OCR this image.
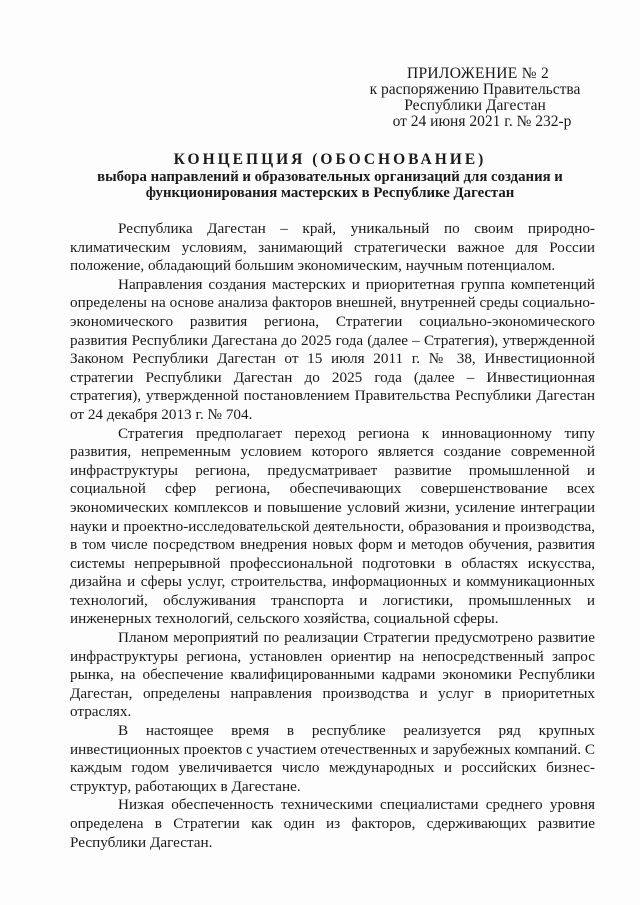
ПРИЛОЖЕНИЕ № 2
к распоряжению Правительства
Республики Дагестан
от 24 июня 2021 г. № 232-р
КОНЦЕПЦИЯ (ОБОСНОВАНИЕ)
выбора направлений и образовательных организаций для создания и
функционирования мастерских в Республике Дагестан

Республика Дагестан – край, уникальный по своим природно-климатическим условиям, занимающий стратегически важное для России положение, обладающий большим экономическим, научным потенциалом.

Направления создания мастерских и приоритетная группа компетенций определены на основе анализа факторов внешней, внутренней среды социально-экономического развития региона, Стратегии социально-экономического развития Республики Дагестана до 2025 года (далее – Стратегия), утвержденной Законом Республики Дагестан от 15 июля 2011 г. № 38, Инвестиционной стратегии Республики Дагестан до 2025 года (далее – Инвестиционная стратегия), утвержденной постановлением Правительства Республики Дагестан от 24 декабря 2013 г. № 704.

Стратегия предполагает переход региона к инновационному типу развития, непременным условием которого является создание современной инфраструктуры региона, предусматривает развитие промышленной и социальной сфер региона, обеспечивающих совершенствование всех экономических комплексов и повышение условий жизни, усиление интеграции науки и проектно-исследовательской деятельности, образования и производства, в том числе посредством внедрения новых форм и методов обучения, развития системы непрерывной профессиональной подготовки в областях искусства, дизайна и сферы услуг, строительства, информационных и коммуникационных технологий, обслуживания транспорта и логистики, промышленных и инженерных технологий, сельского хозяйства, социальной сферы.

Планом мероприятий по реализации Стратегии предусмотрено развитие инфраструктуры региона, установлен ориентир на непосредственный запрос рынка, на обеспечение квалифицированными кадрами экономики Республики Дагестан, определены направления производства и услуг в приоритетных отраслях.

В настоящее время в республике реализуется ряд крупных инвестиционных проектов с участием отечественных и зарубежных компаний. С каждым годом увеличивается число международных и российских бизнес-структур, работающих в Дагестане.

Низкая обеспеченность техническими специалистами среднего уровня определена в Стратегии как один из факторов, сдерживающих развитие Республики Дагестан.
